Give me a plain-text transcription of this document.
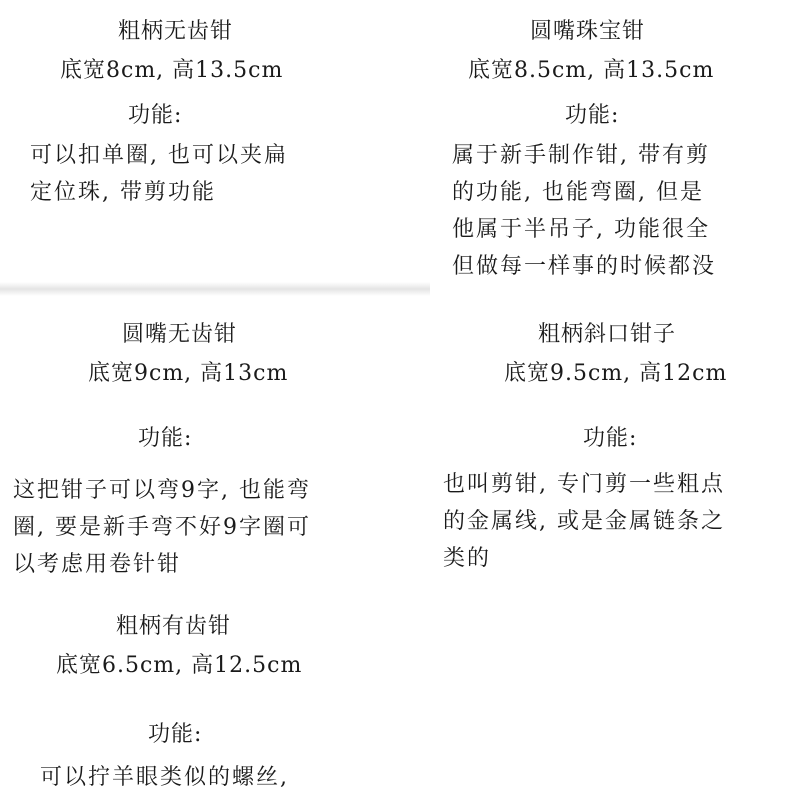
粗柄无齿钳
底宽8cm, 高13.5cm
功能:
可以扣单圈, 也可以夹扁
定位珠, 带剪功能
圆嘴珠宝钳
底宽8.5cm, 高13.5cm
功能:
属于新手制作钳, 带有剪
的功能, 也能弯圈, 但是
他属于半吊子, 功能很全
但做每一样事的时候都没
圆嘴无齿钳
底宽9cm, 高13cm
功能:
这把钳子可以弯9字, 也能弯
圈, 要是新手弯不好9字圈可
以考虑用卷针钳
粗柄斜口钳子
底宽9.5cm, 高12cm
功能:
也叫剪钳, 专门剪一些粗点
的金属线, 或是金属链条之
类的
粗柄有齿钳
底宽6.5cm, 高12.5cm
功能:
可以拧羊眼类似的螺丝,
